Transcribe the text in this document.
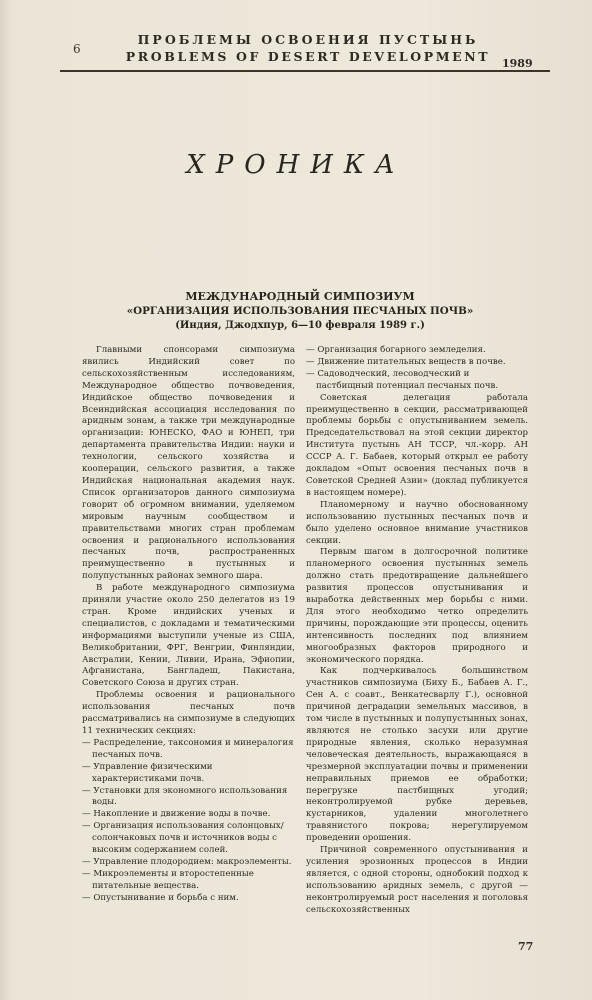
6
ПРОБЛЕМЫ ОСВОЕНИЯ ПУСТЫНЬ
PROBLEMS OF DESERT DEVELOPMENT	1989
ХРОНИКА
МЕЖДУНАРОДНЫЙ СИМПОЗИУМ
«ОРГАНИЗАЦИЯ ИСПОЛЬЗОВАНИЯ ПЕСЧАНЫХ ПОЧВ»
(Индия, Джодхпур, 6—10 февраля 1989 г.)

Главными спонсорами симпозиума явились Индийский совет по сельскохозяйственным исследованиям, Международное общество почвоведения, Индийское общество почвоведения и Всеиндийская ассоциация исследования по аридным зонам, а также три международные организации: ЮНЕСКО, ФАО и ЮНЕП, три департамента правительства Индии: науки и технологии, сельского хозяйства и кооперации, сельского развития, а также Индийская национальная академия наук. Список организаторов данного симпозиума говорит об огромном внимании, уделяемом мировым научным сообществом и правительствами многих стран проблемам освоения и рационального использования песчаных почв, распространенных преимущественно в пустынных и полупустынных районах земного шара.

В работе международного симпозиума приняли участие около 250 делегатов из 19 стран. Кроме индийских ученых и специалистов, с докладами и тематическими информациями выступили ученые из США, Великобритании, ФРГ, Венгрии, Финляндии, Австралии, Кении, Ливии, Ирана, Эфиопии, Афганистана, Бангладеш, Пакистана, Советского Союза и других стран.

Проблемы освоения и рационального использования песчаных почв рассматривались на симпозиуме в следующих 11 технических секциях:

— Распределение, таксономия и минералогия песчаных почв.
— Управление физическими характеристиками почв.
— Установки для экономного использования воды.
— Накопление и движение воды в почве.
— Организация использования солонцовых/солончаковых почв и источников воды с высоким содержанием солей.
— Управление плодородием: макроэлементы.
— Микроэлементы и второстепенные питательные вещества.
— Опустынивание и борьба с ним.
— Организация богарного земледелия.
— Движение питательных веществ в почве.
— Садоводческий, лесоводческий и пастбищный потенциал песчаных почв.

Советская делегация работала преимущественно в секции, рассматривающей проблемы борьбы с опустыниванием земель. Председательствовал на этой секции директор Института пустынь АН ТССР, чл.-корр. АН СССР А. Г. Бабаев, который открыл ее работу докладом «Опыт освоения песчаных почв в Советской Средней Азии» (доклад публикуется в настоящем номере).

Планомерному и научно обоснованному использованию пустынных песчаных почв и было уделено основное внимание участников секции.

Первым шагом в долгосрочной политике планомерного освоения пустынных земель должно стать предотвращение дальнейшего развития процессов опустынивания и выработка действенных мер борьбы с ними. Для этого необходимо четко определить причины, порождающие эти процессы, оценить интенсивность последних под влиянием многообразных факторов природного и экономического порядка.

Как подчеркивалось большинством участников симпозиума (Биху Б., Бабаев А. Г., Сен А. с соавт., Венкатесварлу Г.), основной причиной деградации земельных массивов, в том числе в пустынных и полупустынных зонах, являются не столько засухи или другие природные явления, сколько неразумная человеческая деятельность, выражающаяся в чрезмерной эксплуатации почвы и применении неправильных приемов ее обработки; перегрузке пастбищных угодий; неконтролируемой рубке деревьев, кустарников, удалении многолетнего травянистого покрова; нерегулируемом проведении орошения.

Причиной современного опустынивания и усиления эрозионных процессов в Индии является, с одной стороны, однобокий подход к использованию аридных земель, с другой — неконтролируемый рост населения и поголовья сельскохозяйственных

77
